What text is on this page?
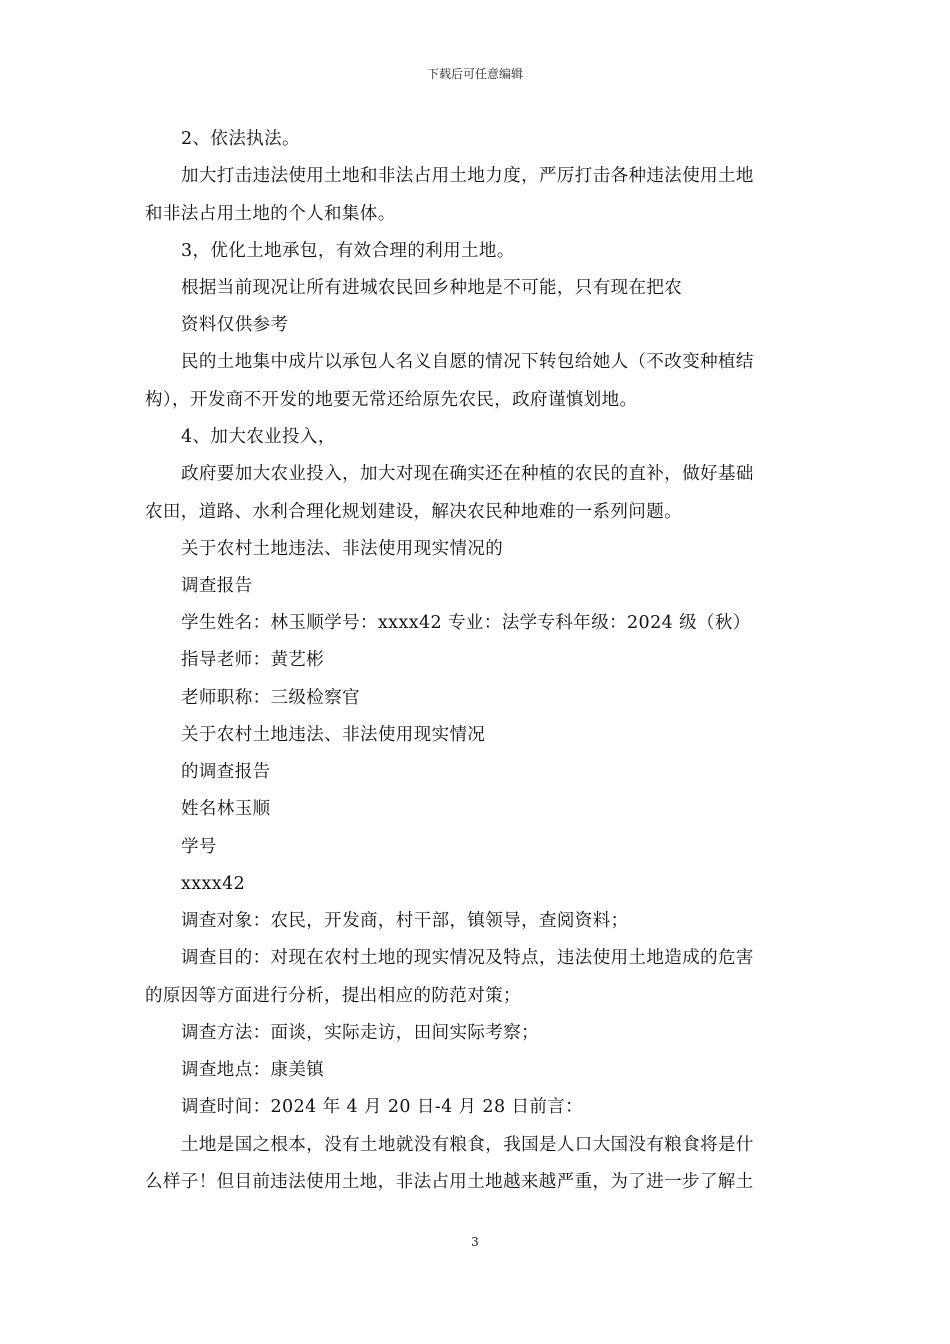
下载后可任意编辑
2、依法执法。
加大打击违法使用土地和非法占用土地力度，严厉打击各种违法使用土地
和非法占用土地的个人和集体。
3，优化土地承包，有效合理的利用土地。
根据当前现况让所有进城农民回乡种地是不可能，只有现在把农
资料仅供参考
民的土地集中成片以承包人名义自愿的情况下转包给她人（不改变种植结
构），开发商不开发的地要无常还给原先农民，政府谨慎划地。
4、加大农业投入，
政府要加大农业投入，加大对现在确实还在种植的农民的直补，做好基础
农田，道路、水利合理化规划建设，解决农民种地难的一系列问题。
关于农村土地违法、非法使用现实情况的
调查报告
学生姓名：林玉顺学号：xxxx42 专业：法学专科年级：2024 级（秋）
指导老师：黄艺彬
老师职称：三级检察官
关于农村土地违法、非法使用现实情况
的调查报告
姓名林玉顺
学号
xxxx42
调查对象：农民，开发商，村干部，镇领导，查阅资料；
调查目的：对现在农村土地的现实情况及特点，违法使用土地造成的危害
的原因等方面进行分析，提出相应的防范对策；
调查方法：面谈，实际走访，田间实际考察；
调查地点：康美镇
调查时间：2024 年 4 月 20 日-4 月 28 日前言：
土地是国之根本，没有土地就没有粮食，我国是人口大国没有粮食将是什
么样子！但目前违法使用土地，非法占用土地越来越严重，为了进一步了解土
3
